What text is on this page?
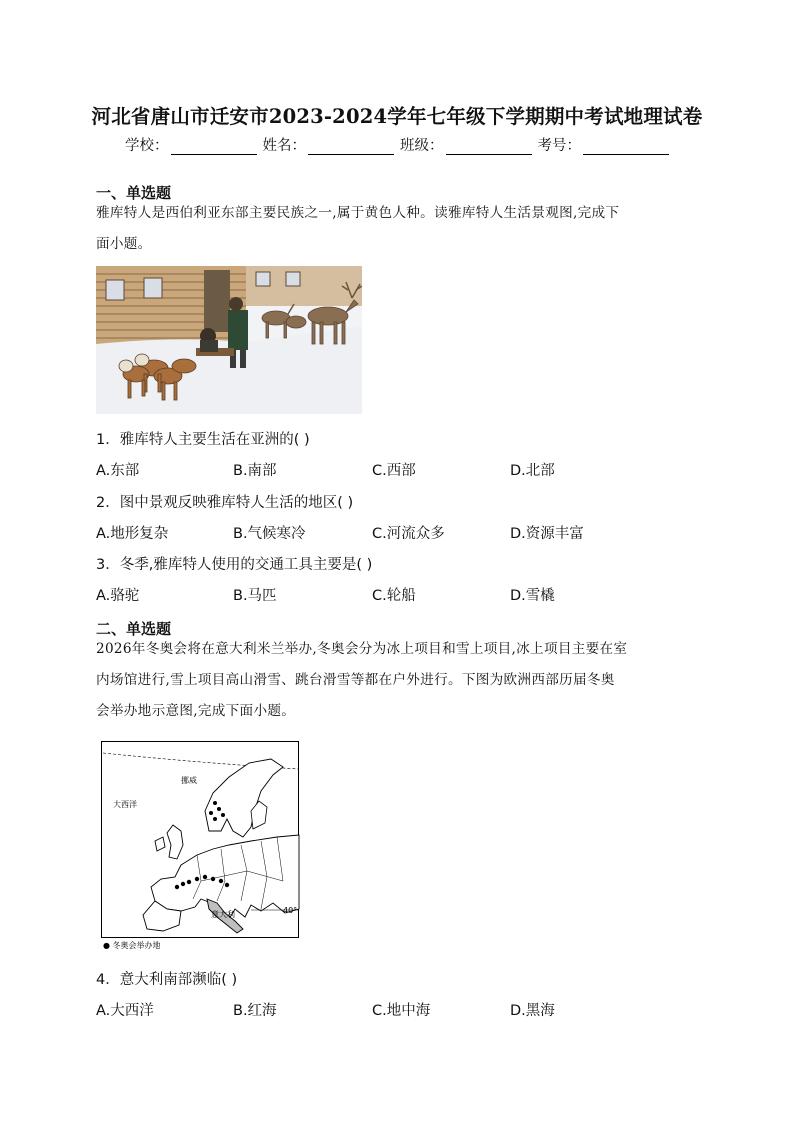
河北省唐山市迁安市2023-2024学年七年级下学期期中考试地理试卷
学校：	姓名：	班级：	考号：
一、单选题
雅库特人是西伯利亚东部主要民族之一,属于黄色人种。读雅库特人生活景观图,完成下
面小题。
1．雅库特人主要生活在亚洲的( )
A.东部	B.南部	C.西部	D.北部
2．图中景观反映雅库特人生活的地区( )
A.地形复杂	B.气候寒冷	C.河流众多	D.资源丰富
3．冬季,雅库特人使用的交通工具主要是( )
A.骆驼	B.马匹	C.轮船	D.雪橇
二、单选题
2026年冬奥会将在意大利米兰举办,冬奥会分为冰上项目和雪上项目,冰上项目主要在室
内场馆进行,雪上项目高山滑雪、跳台滑雪等都在户外进行。下图为欧洲西部历届冬奥
会举办地示意图,完成下面小题。
挪威
大西洋
意大利	40°
● 冬奥会举办地
4．意大利南部濒临( )
A.大西洋	B.红海	C.地中海	D.黑海
